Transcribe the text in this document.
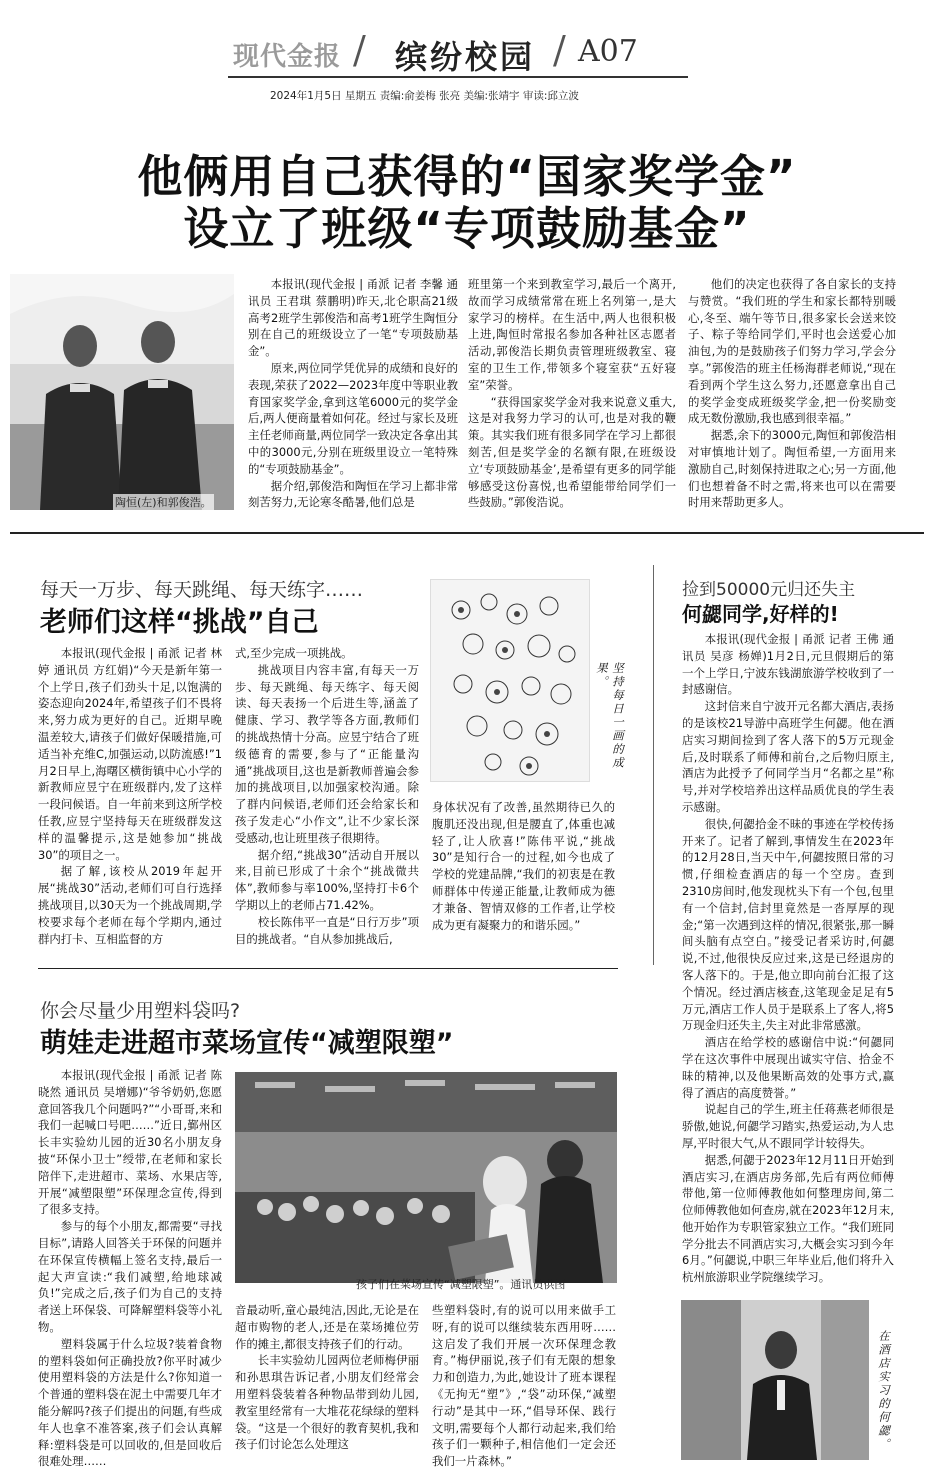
现代金报 / 缤纷校园 / A07
2024年1月5日 星期五 责编:俞姜梅 张亮 美编:张靖宇 审读:邱立波
他俩用自己获得的“国家奖学金”
设立了班级“专项鼓励基金”
陶恒(左)和郭俊浩。

本报讯(现代金报 | 甬派 记者 李馨 通讯员 王君琪 蔡鹏明)昨天,北仑职高21级高考2班学生郭俊浩和高考1班学生陶恒分别在自己的班级设立了一笔“专项鼓励基金”。

原来,两位同学凭优异的成绩和良好的表现,荣获了2022—2023年度中等职业教育国家奖学金,拿到这笔6000元的奖学金后,两人便商量着如何花。经过与家长及班主任老师商量,两位同学一致决定各拿出其中的3000元,分别在班级里设立一笔特殊的“专项鼓励基金”。

据介绍,郭俊浩和陶恒在学习上都非常刻苦努力,无论寒冬酷暑,他们总是

班里第一个来到教室学习,最后一个离开,故而学习成绩常常在班上名列第一,是大家学习的榜样。在生活中,两人也很积极上进,陶恒时常报名参加各种社区志愿者活动,郭俊浩长期负责管理班级教室、寝室的卫生工作,带领多个寝室获“五好寝室”荣誉。

“获得国家奖学金对我来说意义重大,这是对我努力学习的认可,也是对我的鞭策。其实我们班有很多同学在学习上都很刻苦,但是奖学金的名额有限,在班级设立‘专项鼓励基金’,是希望有更多的同学能够感受这份喜悦,也希望能带给同学们一些鼓励。”郭俊浩说。

他们的决定也获得了各自家长的支持与赞赏。“我们班的学生和家长都特别暖心,冬至、端午等节日,很多家长会送来饺子、粽子等给同学们,平时也会送爱心加油包,为的是鼓励孩子们努力学习,学会分享。”郭俊浩的班主任杨海群老师说,“现在看到两个学生这么努力,还愿意拿出自己的奖学金变成班级奖学金,把一份奖励变成无数份激励,我也感到很幸福。”

据悉,余下的3000元,陶恒和郭俊浩相对审慎地计划了。陶恒希望,一方面用来激励自己,时刻保持进取之心;另一方面,他们也想着备不时之需,将来也可以在需要时用来帮助更多人。

每天一万步、每天跳绳、每天练字……
老师们这样“挑战”自己
坚持每日一画的成果。

本报讯(现代金报 | 甬派 记者 林婷 通讯员 方红娟)“今天是新年第一个上学日,孩子们劲头十足,以饱满的姿态迎向2024年,希望孩子们不畏将来,努力成为更好的自己。近期早晚温差较大,请孩子们做好保暖措施,可适当补充维C,加强运动,以防流感!”1月2日早上,海曙区横街镇中心小学的新教师应昱宁在班级群内,发了这样一段问候语。自一年前来到这所学校任教,应昱宁坚持每天在班级群发这样的温馨提示,这是她参加“挑战30”的项目之一。

据了解,该校从2019年起开展“挑战30”活动,老师们可自行选择挑战项目,以30天为一个挑战周期,学校要求每个老师在每个学期内,通过群内打卡、互相监督的方

式,至少完成一项挑战。

挑战项目内容丰富,有每天一万步、每天跳绳、每天练字、每天阅读、每天表扬一个后进生等,涵盖了健康、学习、教学等各方面,教师们的挑战热情十分高。应昱宁结合了班级德育的需要,参与了“正能量沟通”挑战项目,这也是新教师普遍会参加的挑战项目,以加强家校沟通。除了群内问候语,老师们还会给家长和孩子发走心“小作文”,让不少家长深受感动,也让班里孩子很期待。

据介绍,“挑战30”活动自开展以来,目前已形成了十余个“挑战微共体”,教师参与率100%,坚持打卡6个学期以上的老师占71.42%。

校长陈伟平一直是“日行万步”项目的挑战者。“自从参加挑战后,

身体状况有了改善,虽然期待已久的腹肌还没出现,但是腰直了,体重也减轻了,让人欣喜!”陈伟平说,“挑战30”是知行合一的过程,如今也成了学校的党建品牌,“我们的初衷是在教师群体中传递正能量,让教师成为德才兼备、智情双修的工作者,让学校成为更有凝聚力的和谐乐园。”

你会尽量少用塑料袋吗?
萌娃走进超市菜场宣传“减塑限塑”
孩子们在菜场宣传“减塑限塑”。通讯员供图

本报讯(现代金报 | 甬派 记者 陈晓然 通讯员 吴增娜)“爷爷奶奶,您愿意回答我几个问题吗?”“小哥哥,来和我们一起喊口号吧……”近日,鄞州区长丰实验幼儿园的近30名小朋友身披“环保小卫士”绶带,在老师和家长陪伴下,走进超市、菜场、水果店等,开展“减塑限塑”环保理念宣传,得到了很多支持。

参与的每个小朋友,都需要“寻找目标”,请路人回答关于环保的问题并在环保宣传横幅上签名支持,最后一起大声宣读:“我们减塑,给地球减负!”完成之后,孩子们为自己的支持者送上环保袋、可降解塑料袋等小礼物。

塑料袋属于什么垃圾?装着食物的塑料袋如何正确投放?你平时减少使用塑料袋的方法是什么?你知道一个普通的塑料袋在泥土中需要几年才能分解吗?孩子们提出的问题,有些成年人也拿不准答案,孩子们会认真解释:塑料袋是可以回收的,但是回收后很难处理……

音最动听,童心最纯洁,因此,无论是在超市购物的老人,还是在菜场摊位劳作的摊主,都很支持孩子们的行动。

长丰实验幼儿园两位老师梅伊丽和孙思琪告诉记者,小朋友们经常会用塑料袋装着各种物品带到幼儿园,教室里经常有一大堆花花绿绿的塑料袋。“这是一个很好的教育契机,我和孩子们讨论怎么处理这

些塑料袋时,有的说可以用来做手工呀,有的说可以继续装东西用呀……这启发了我们开展一次环保理念教育。”梅伊丽说,孩子们有无限的想象力和创造力,为此,她设计了班本课程《无拘无“塑”》,“袋”动环保,“减塑行动”是其中一环,“倡导环保、践行文明,需要每个人都行动起来,我们给孩子们一颗种子,相信他们一定会还我们一片森林。”

捡到50000元归还失主
何勰同学,好样的!

本报讯(现代金报 | 甬派 记者 王佛 通讯员 吴彦 杨婵)1月2日,元旦假期后的第一个上学日,宁波东钱湖旅游学校收到了一封感谢信。

这封信来自宁波开元名都大酒店,表扬的是该校21导游中高班学生何勰。他在酒店实习期间捡到了客人落下的5万元现金后,及时联系了师傅和前台,之后物归原主,酒店为此授予了何同学当月“名都之星”称号,并对学校培养出这样品质优良的学生表示感谢。

很快,何勰拾金不昧的事迹在学校传扬开来了。记者了解到,事情发生在2023年的12月28日,当天中午,何勰按照日常的习惯,仔细检查酒店的每一个空房。查到2310房间时,他发现枕头下有一个包,包里有一个信封,信封里竟然是一沓厚厚的现金;“第一次遇到这样的情况,很紧张,那一瞬间头脑有点空白。”接受记者采访时,何勰说,不过,他很快反应过来,这是已经退房的客人落下的。于是,他立即向前台汇报了这个情况。经过酒店核查,这笔现金足足有5万元,酒店工作人员于是联系上了客人,将5万现金归还失主,失主对此非常感激。

酒店在给学校的感谢信中说:“何勰同学在这次事件中展现出诚实守信、拾金不昧的精神,以及他果断高效的处事方式,赢得了酒店的高度赞誉。”

说起自己的学生,班主任蒋燕老师很是骄傲,她说,何勰学习踏实,热爱运动,为人忠厚,平时很大气,从不跟同学计较得失。

据悉,何勰于2023年12月11日开始到酒店实习,在酒店房务部,先后有两位师傅带他,第一位师傅教他如何整理房间,第二位师傅教他如何查房,就在2023年12月末,他开始作为专职管家独立工作。“我们班同学分批去不同酒店实习,大概会实习到今年6月。”何勰说,中职三年毕业后,他们将升入杭州旅游职业学院继续学习。

在酒店实习的何勰。
